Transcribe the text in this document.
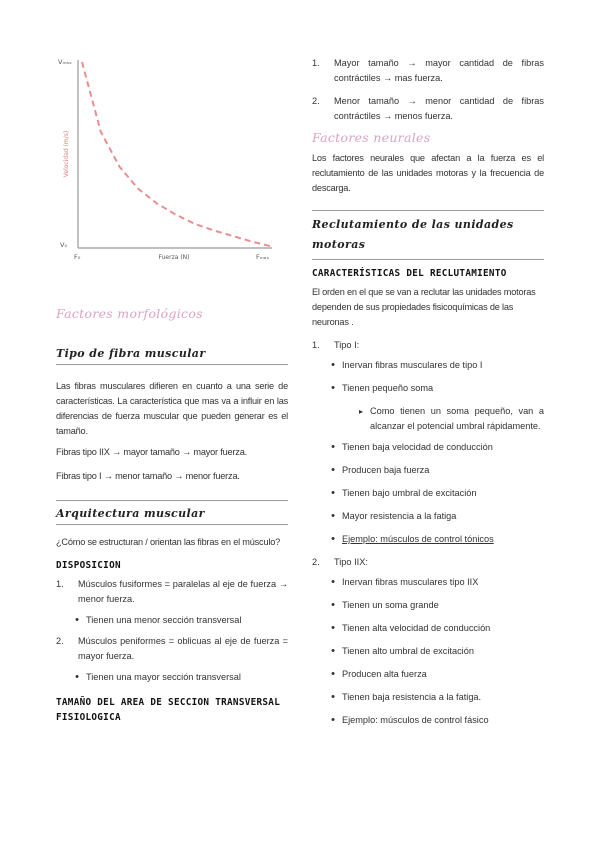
Vₘₐₓ
V₀
F₀	Fₘₐₓ
Fuerza (N)
Velocidad (m/s)
Factores morfológicos
Tipo de fibra muscular
Las fibras musculares difieren en cuanto a una serie de características. La característica que mas va a influir en las diferencias de fuerza muscular que pueden generar es el tamaño.
Fibras tipo IIX → mayor tamaño → mayor fuerza.
Fibras tipo I → menor tamaño → menor fuerza.
Arquitectura muscular
¿Cómo se estructuran / orientan las fibras en el músculo?
DISPOSICION
1.	Músculos fusiformes = paralelas al eje de fuerza → menor fuerza.
• Tienen una menor sección transversal
2.	Músculos peniformes = oblicuas al eje de fuerza = mayor fuerza.
• Tienen una mayor sección transversal
TAMAÑO DEL AREA DE SECCION TRANSVERSAL FISIOLOGICA
1.	Mayor tamaño → mayor cantidad de fibras contráctiles → mas fuerza.
2.	Menor tamaño → menor cantidad de fibras contráctiles → menos fuerza.
Factores neurales
Los factores neurales que afectan a la fuerza es el reclutamiento de las unidades motoras y la frecuencia de descarga.
Reclutamiento de las unidades motoras
CARACTERÍSTICAS DEL RECLUTAMIENTO
El orden en el que se van a reclutar las unidades motoras dependen de sus propiedades fisicoquímicas de las neuronas .
1.	Tipo I:
• Inervan fibras musculares de tipo I
• Tienen pequeño soma
▸ Como tienen un soma pequeño, van a alcanzar el potencial umbral rápidamente.
• Tienen baja velocidad de conducción
• Producen baja fuerza
• Tienen bajo umbral de excitación
• Mayor resistencia a la fatiga
• Ejemplo: músculos de control tónicos
2.	Tipo IIX:
• Inervan fibras musculares tipo IIX
• Tienen un soma grande
• Tienen alta velocidad de conducción
• Tienen alto umbral de excitación
• Producen alta fuerza
• Tienen baja resistencia a la fatiga.
• Ejemplo: músculos de control fásico
